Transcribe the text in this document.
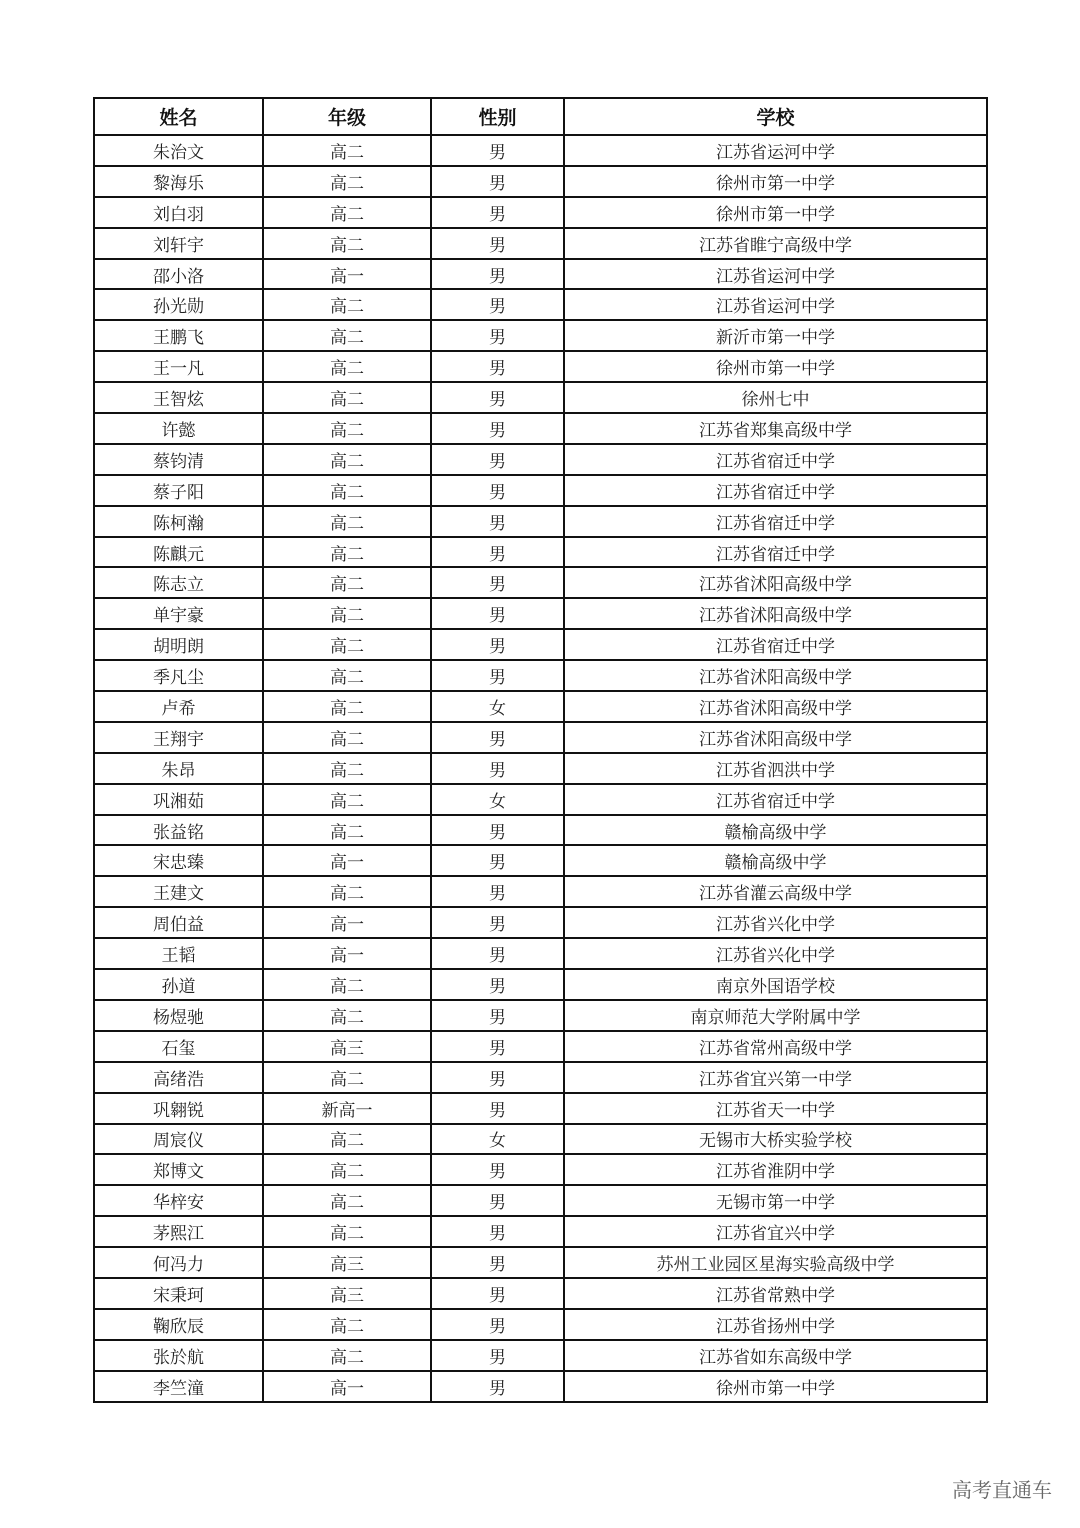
姓名	年级	性别	学校
朱治文	高二	男	江苏省运河中学
黎海乐	高二	男	徐州市第一中学
刘白羽	高二	男	徐州市第一中学
刘轩宇	高二	男	江苏省睢宁高级中学
邵小洛	高一	男	江苏省运河中学
孙光勋	高二	男	江苏省运河中学
王鹏飞	高二	男	新沂市第一中学
王一凡	高二	男	徐州市第一中学
王智炫	高二	男	徐州七中
许懿	高二	男	江苏省郑集高级中学
蔡钧清	高二	男	江苏省宿迁中学
蔡子阳	高二	男	江苏省宿迁中学
陈柯瀚	高二	男	江苏省宿迁中学
陈麒元	高二	男	江苏省宿迁中学
陈志立	高二	男	江苏省沭阳高级中学
单宇豪	高二	男	江苏省沭阳高级中学
胡明朗	高二	男	江苏省宿迁中学
季凡尘	高二	男	江苏省沭阳高级中学
卢希	高二	女	江苏省沭阳高级中学
王翔宇	高二	男	江苏省沭阳高级中学
朱昂	高二	男	江苏省泗洪中学
巩湘茹	高二	女	江苏省宿迁中学
张益铭	高二	男	赣榆高级中学
宋忠臻	高一	男	赣榆高级中学
王建文	高二	男	江苏省灌云高级中学
周伯益	高一	男	江苏省兴化中学
王韬	高一	男	江苏省兴化中学
孙道	高二	男	南京外国语学校
杨煜驰	高二	男	南京师范大学附属中学
石玺	高三	男	江苏省常州高级中学
高绪浩	高二	男	江苏省宜兴第一中学
巩翱锐	新高一	男	江苏省天一中学
周宸仪	高二	女	无锡市大桥实验学校
郑博文	高二	男	江苏省淮阴中学
华梓安	高二	男	无锡市第一中学
茅熙江	高二	男	江苏省宜兴中学
何冯力	高三	男	苏州工业园区星海实验高级中学
宋秉珂	高三	男	江苏省常熟中学
鞠欣辰	高二	男	江苏省扬州中学
张於航	高二	男	江苏省如东高级中学
李竺潼	高一	男	徐州市第一中学
高考直通车
